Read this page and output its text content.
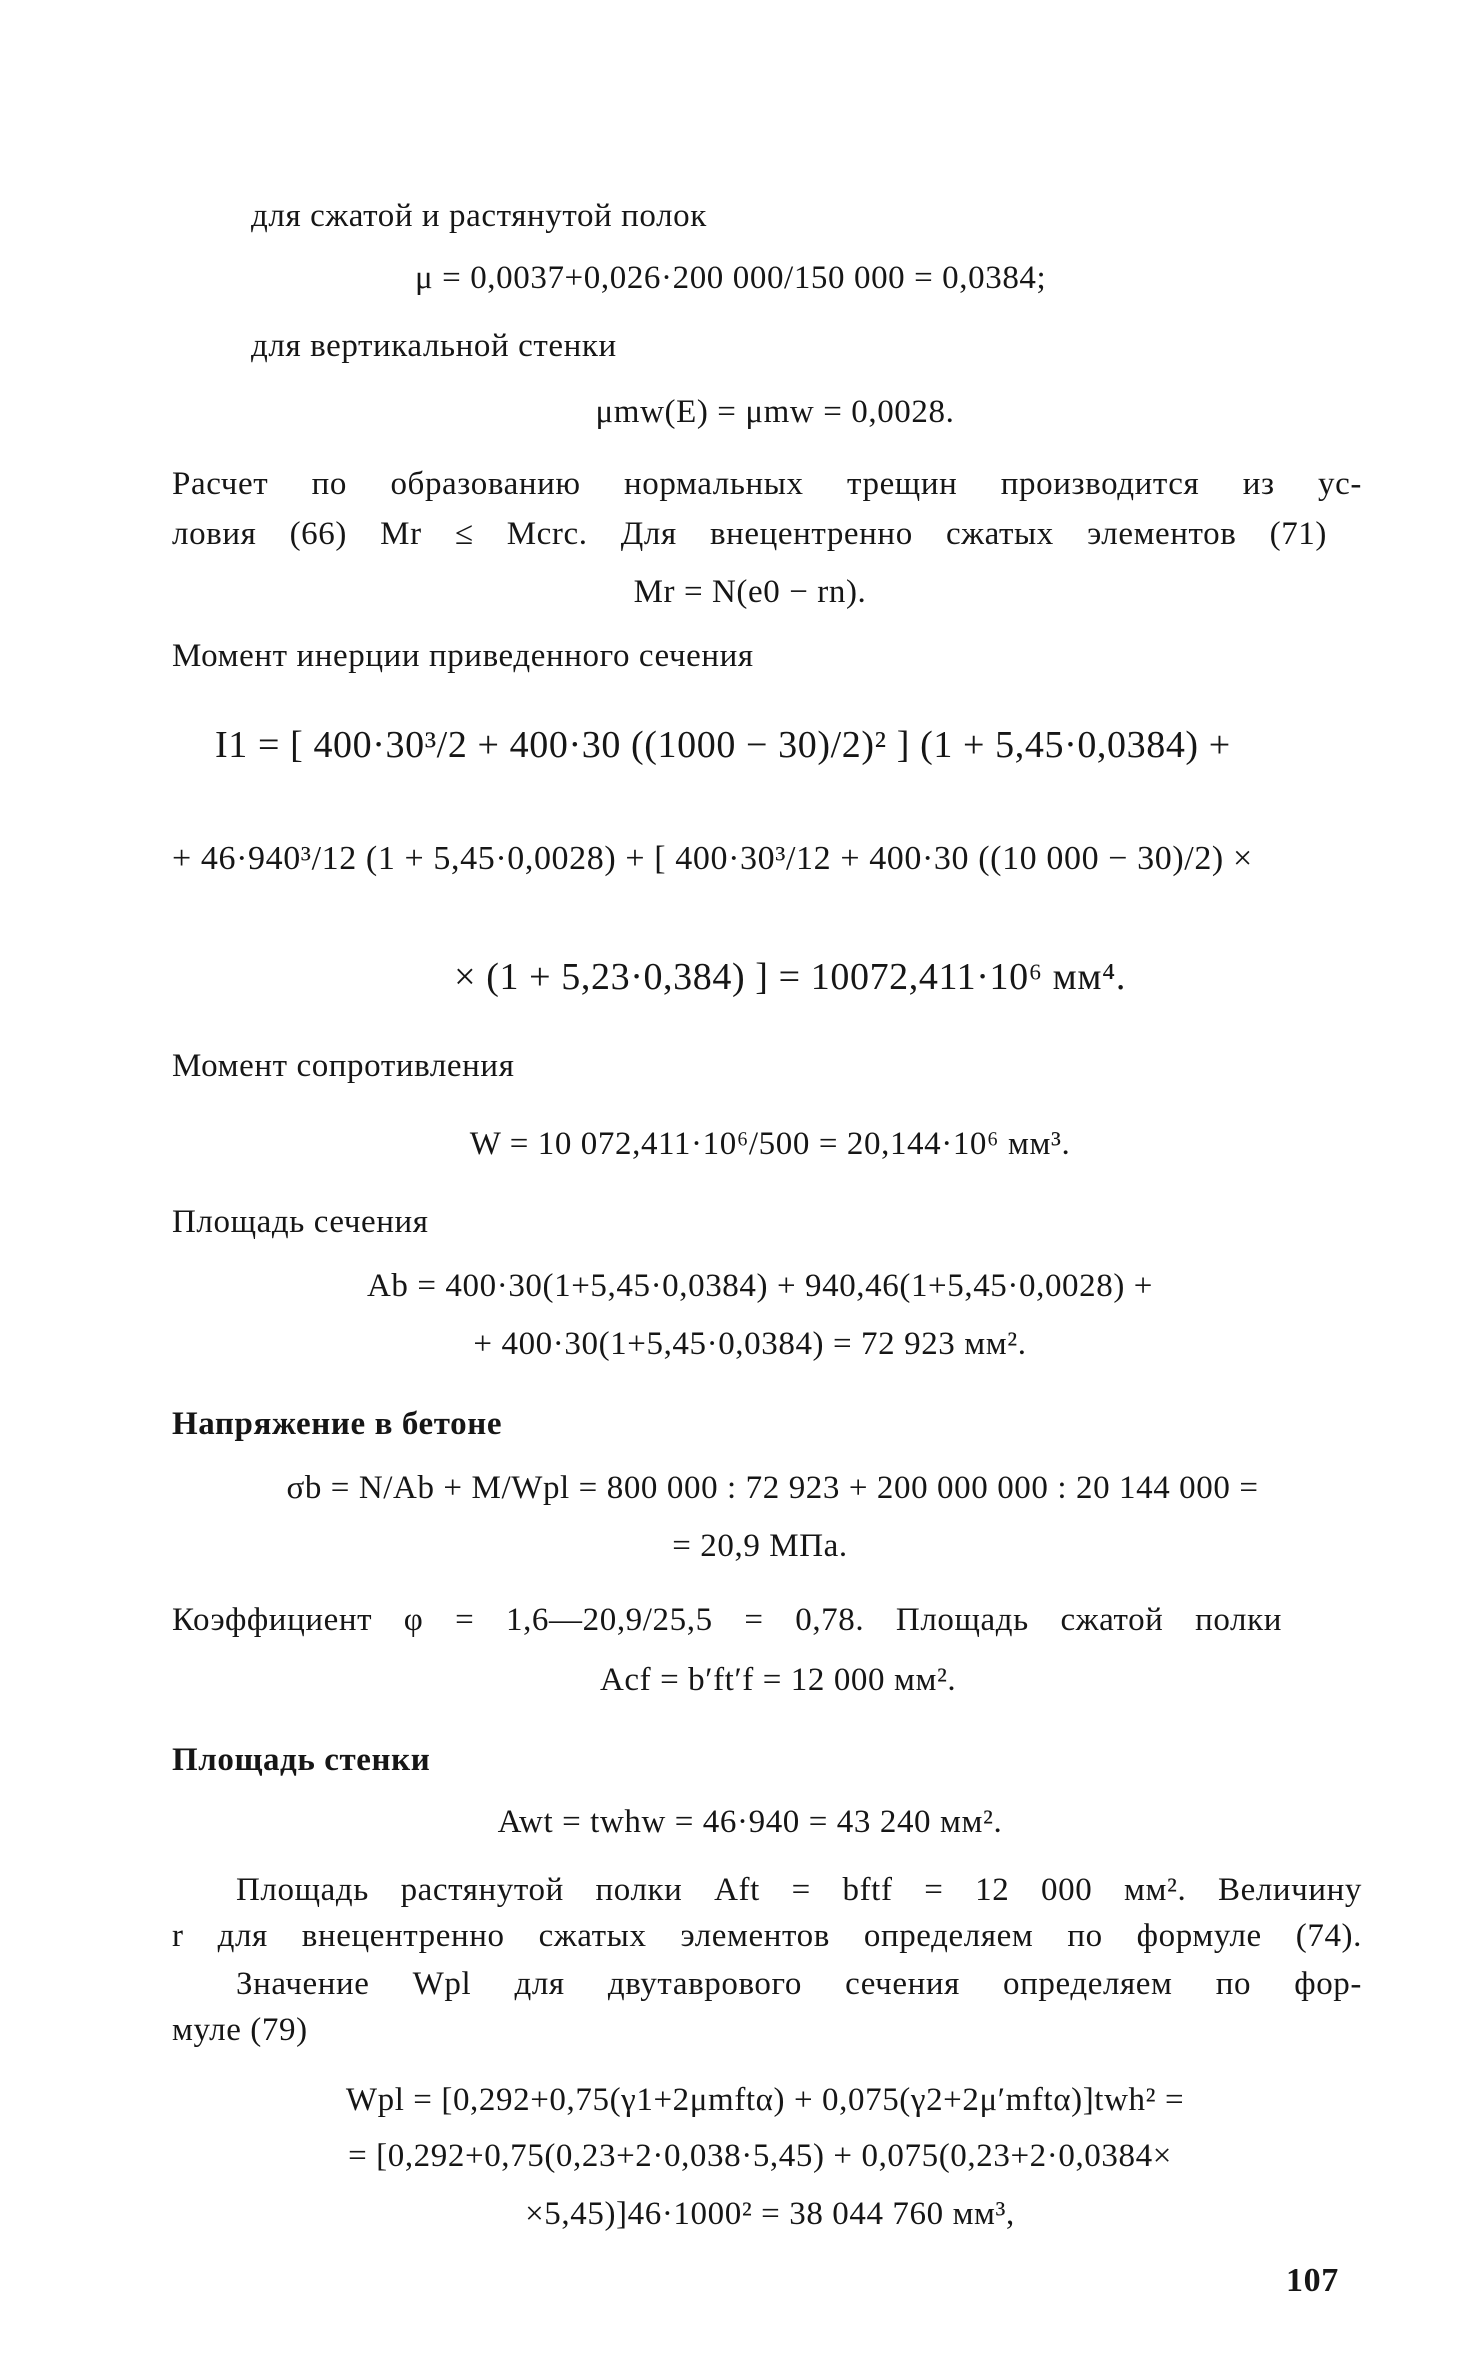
для сжатой и растянутой полок
μ = 0,0037+0,026·200 000/150 000 = 0,0384;
для вертикальной стенки
μmw(E) = μmw = 0,0028.
Расчет по образованию нормальных трещин производится из ус-
ловия (66) Mr ≤ Mcrc. Для внецентренно сжатых элементов (71)
Mr = N(e0 − rn).
Момент инерции приведенного сечения
I1 = [ 400·30³/2 + 400·30 ((1000 − 30)/2)² ] (1 + 5,45·0,0384) +
+ 46·940³/12 (1 + 5,45·0,0028) + [ 400·30³/12 + 400·30 ((10 000 − 30)/2) ×
× (1 + 5,23·0,384) ] = 10072,411·10⁶ мм⁴.
Момент сопротивления
W = 10 072,411·10⁶/500 = 20,144·10⁶ мм³.
Площадь сечения
Ab = 400·30(1+5,45·0,0384) + 940,46(1+5,45·0,0028) +
+ 400·30(1+5,45·0,0384) = 72 923 мм².
Напряжение в бетоне
σb = N/Ab + M/Wpl = 800 000 : 72 923 + 200 000 000 : 20 144 000 =
= 20,9 МПа.
Коэффициент φ = 1,6—20,9/25,5 = 0,78. Площадь сжатой полки
Acf = b′ft′f = 12 000 мм².
Площадь стенки
Awt = twhw = 46·940 = 43 240 мм².
Площадь растянутой полки Aft = bftf = 12 000 мм². Величину
r для внецентренно сжатых элементов определяем по формуле (74).
Значение Wpl для двутаврового сечения определяем по фор-
муле (79)
Wpl = [0,292+0,75(γ1+2μmftα) + 0,075(γ2+2μ′mftα)]twh² =
= [0,292+0,75(0,23+2·0,038·5,45) + 0,075(0,23+2·0,0384×
×5,45)]46·1000² = 38 044 760 мм³,
107
